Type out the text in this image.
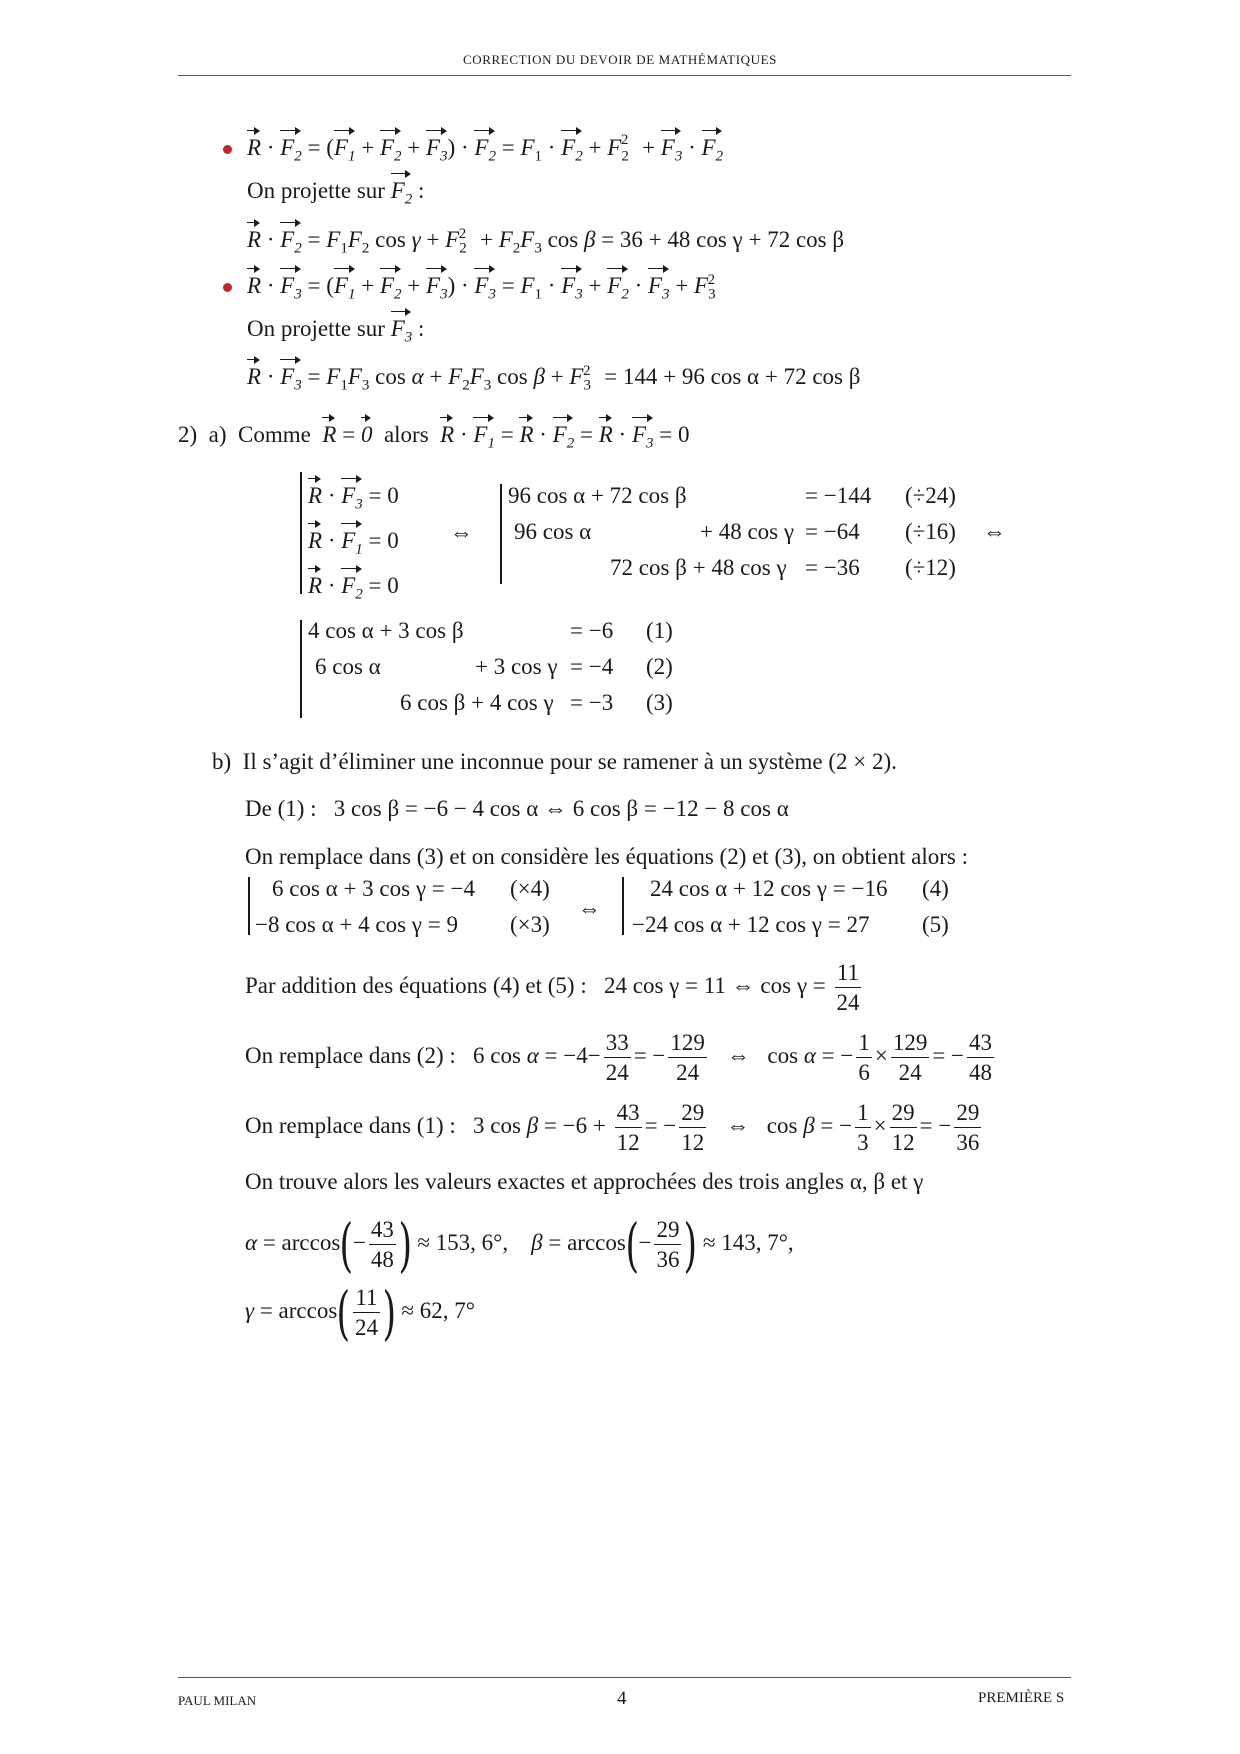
CORRECTION DU DEVOIR DE MATHÉMATIQUES
$R \cdot F_2 = (F_1 + F_2 + F_3) \cdot F_2 = F_1 \cdot F_2 + F_2^2 + F_3 \cdot F_2$
On projette sur $F_2$ :
$R \cdot F_2 = F_1F_2$ $\cos \gamma + F_2^2 + F_2F_3$ cos β = 36 + 48 cos γ + 72 cos β
$R \cdot F_3 = (F_1 + F_2 + F_3) \cdot F_3 = F_1 \cdot F_3 + F_2 \cdot F_3 + F_3^2$
On projette sur $F_3$ :
$R \cdot F_3 = F_1F_3$ $\cos \alpha + F_2F_3$ $\cos \beta + F_3^2 = 144 + 96$ cos α + 72 cos β
2) a) Comme R = 0 alors $R \cdot F_1 = R \cdot F_2 = R \cdot F_3 = 0$
$R \cdot F_3 = 0$
$R \cdot F_1 = 0$
$R \cdot F_2 = 0$
⇔
96 cos α + 72 cos β	= −144 (÷24)
96 cos α	+ 48 cos γ = −64 (÷16)
72 cos β + 48 cos γ = −36 (÷12)
⇔
4 cos α + 3 cos β	= −6 (1)
6 cos α	+ 3 cos γ = −4 (2)
6 cos β + 4 cos γ = −3 (3)
b) Il s’agit d’éliminer une inconnue pour se ramener à un système (2 × 2).
De (1) : 3 cos β = −6 − 4 cos α ⇔ 6 cos β = −12 − 8 cos α
On remplace dans (3) et on considère les équations (2) et (3), on obtient alors :
6 cos α + 3 cos γ = −4 (×4)
−8 cos α + 4 cos γ = 9 (×3)
⇔
24 cos α + 12 cos γ = −16 (4)
−24 cos α + 12 cos γ = 27 (5)
Par addition des équations (4) et (5) : 24 cos γ = 11 ⇔ $\cos \gamma = \frac{11}{24}$
On remplace dans (2) :   6 $\cos \alpha = -4- \frac{33}{24}$ = − $\frac{129}{24}$ ⇔   cos α = − $\frac{1}{6} \times \frac{129}{24}$ = − $\frac{43}{48}$
On remplace dans (1) :   3 $\cos \beta = -6 + \frac{43}{12}$ = − $\frac{29}{12}$ ⇔   cos β = − $\frac{1}{3} \times \frac{29}{12}$ = − $\frac{29}{36}$
On trouve alors les valeurs exactes et approchées des trois angles α, β et γ
$\alpha = \arccos(- \frac{43}{48}$ ) ≈ 153, 6°, $\beta = \arccos(- \frac{29}{36}$ ) ≈ 143, 7°,
$\gamma = \arccos( \frac{11}{24}$ ) ≈ 62, 7°
PAUL MILAN	4	PREMIÈRE S
